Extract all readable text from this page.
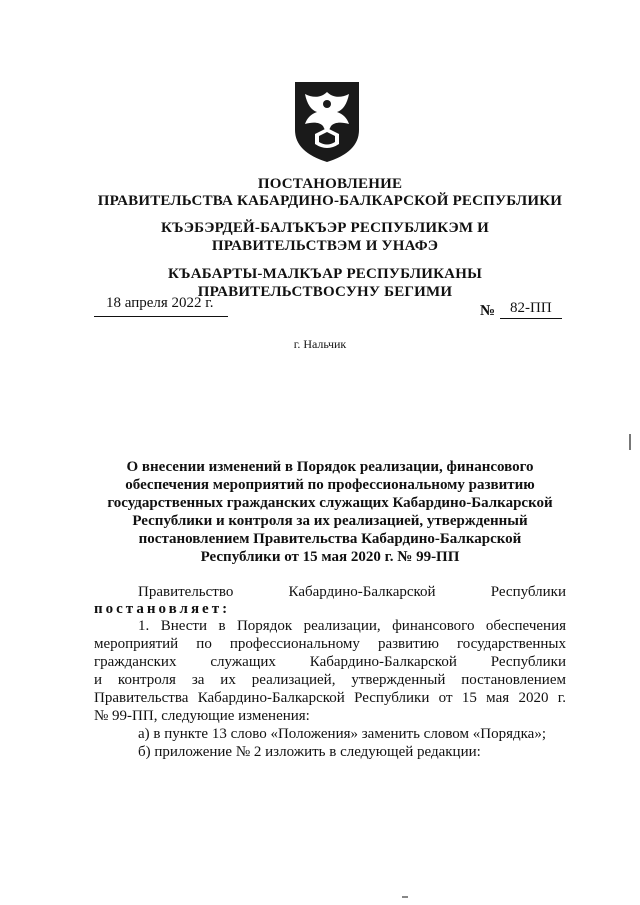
ПОСТАНОВЛЕНИЕ
ПРАВИТЕЛЬСТВА КАБАРДИНО-БАЛКАРСКОЙ РЕСПУБЛИКИ
КЪЭБЭРДЕЙ-БАЛЪКЪЭР РЕСПУБЛИКЭМ И ПРАВИТЕЛЬСТВЭМ И УНАФЭ
КЪАБАРТЫ-МАЛКЪАР РЕСПУБЛИКАНЫ ПРАВИТЕЛЬСТВОСУНУ БЕГИМИ
18 апреля 2022 г.	№ 82-ПП
г. Нальчик
О внесении изменений в Порядок реализации, финансового обеспечения мероприятий по профессиональному развитию государственных гражданских служащих Кабардино-Балкарской Республики и контроля за их реализацией, утвержденный постановлением Правительства Кабардино-Балкарской Республики от 15 мая 2020 г. № 99-ПП
Правительство	Кабардино-Балкарской	Республики
постановляет:
1. Внести в Порядок реализации, финансового обеспечения
мероприятий по профессиональному развитию государственных
гражданских служащих Кабардино-Балкарской Республики
и контроля за их реализацией, утвержденный постановлением
Правительства Кабардино-Балкарской Республики от 15 мая 2020 г.
№ 99-ПП, следующие изменения:
а) в пункте 13 слово «Положения» заменить словом «Порядка»;
б) приложение № 2 изложить в следующей редакции:
